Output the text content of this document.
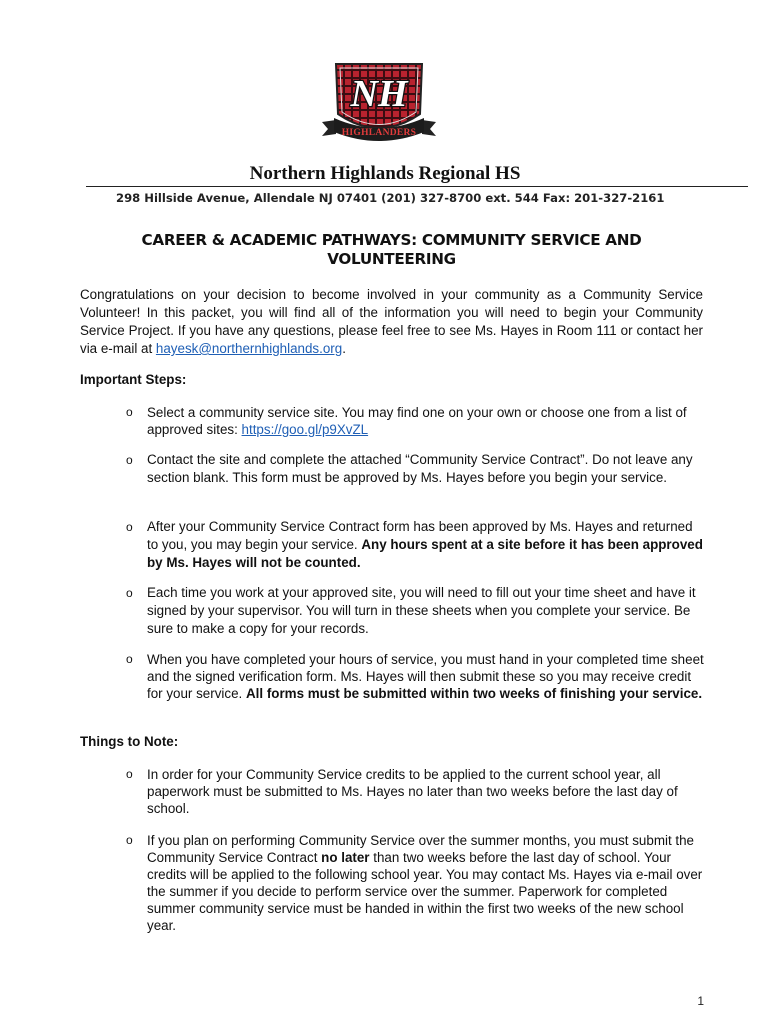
NH
HIGHLANDERS
Northern Highlands Regional HS
298 Hillside Avenue, Allendale NJ 07401 (201) 327-8700 ext. 544 Fax: 201-327-2161
CAREER & ACADEMIC PATHWAYS: COMMUNITY SERVICE AND
VOLUNTEERING

Congratulations on your decision to become involved in your community as a Community Service Volunteer! In this packet, you will find all of the information you will need to begin your Community Service Project. If you have any questions, please feel free to see Ms. Hayes in Room 111 or contact her via e-mail at hayesk@northernhighlands.org.

Important Steps:
o	Select a community service site. You may find one on your own or choose one from a list of approved sites: https://goo.gl/p9XvZL
o	Contact the site and complete the attached “Community Service Contract”. Do not leave any section blank. This form must be approved by Ms. Hayes before you begin your service.
o	After your Community Service Contract form has been approved by Ms. Hayes and returned to you, you may begin your service. Any hours spent at a site before it has been approved by Ms. Hayes will not be counted.
o	Each time you work at your approved site, you will need to fill out your time sheet and have it signed by your supervisor. You will turn in these sheets when you complete your service. Be sure to make a copy for your records.
o	When you have completed your hours of service, you must hand in your completed time sheet and the signed verification form. Ms. Hayes will then submit these so you may receive credit for your service. All forms must be submitted within two weeks of finishing your service.
Things to Note:
o	In order for your Community Service credits to be applied to the current school year, all paperwork must be submitted to Ms. Hayes no later than two weeks before the last day of school.
o	If you plan on performing Community Service over the summer months, you must submit the Community Service Contract no later than two weeks before the last day of school. Your credits will be applied to the following school year. You may contact Ms. Hayes via e-mail over the summer if you decide to perform service over the summer. Paperwork for completed summer community service must be handed in within the first two weeks of the new school year.
1
